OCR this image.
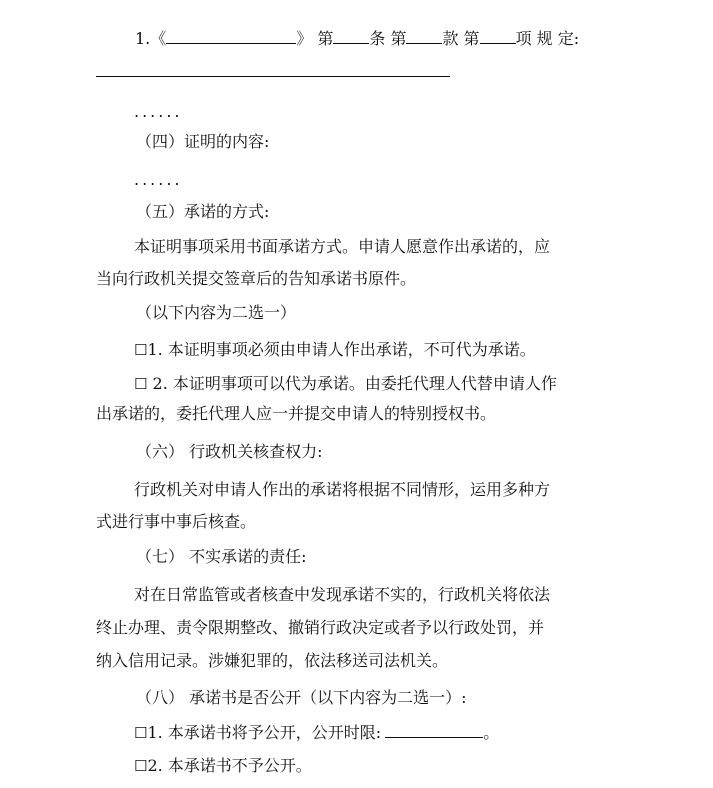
1.《	》 第 条 第 款 第 项 规 定:
......
（四）证明的内容:
......
（五）承诺的方式:
本证明事项采用书面承诺方式。申请人愿意作出承诺的，应
当向行政机关提交签章后的告知承诺书原件。
（以下内容为二选一）
☐1. 本证明事项必须由申请人作出承诺，不可代为承诺。
☐ 2. 本证明事项可以代为承诺。由委托代理人代替申请人作
出承诺的，委托代理人应一并提交申请人的特别授权书。
（六） 行政机关核查权力:
行政机关对申请人作出的承诺将根据不同情形，运用多种方
式进行事中事后核查。
（七） 不实承诺的责任:
对在日常监管或者核查中发现承诺不实的，行政机关将依法
终止办理、责令限期整改、撤销行政决定或者予以行政处罚，并
纳入信用记录。涉嫌犯罪的，依法移送司法机关。
（八） 承诺书是否公开（以下内容为二选一）:
☐1. 本承诺书将予公开，公开时限:	。
☐2. 本承诺书不予公开。
